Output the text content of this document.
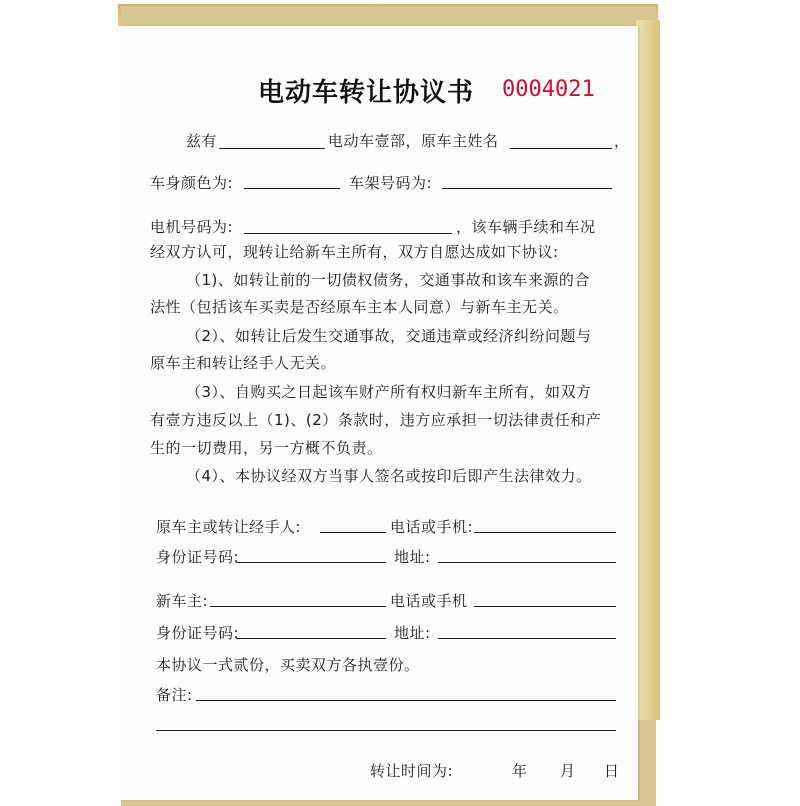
电动车转让协议书 0004021
兹有	电动车壹部，原车主姓名	，
车身颜色为:	车架号码为:
电机号码为:	，该车辆手续和车况
经双方认可，现转让给新车主所有，双方自愿达成如下协议:
（1)、如转让前的一切债权债务，交通事故和该车来源的合
法性（包括该车买卖是否经原车主本人同意）与新车主无关。
（2）、如转让后发生交通事故，交通违章或经济纠纷问题与
原车主和转让经手人无关。
（3）、自购买之日起该车财产所有权归新车主所有，如双方
有壹方违反以上（1)、(2）条款时，违方应承担一切法律责任和产
生的一切费用，另一方概不负责。
（4）、本协议经双方当事人签名或按印后即产生法律效力。
原车主或转让经手人:	电话或手机:
身份证号码:	地址:
新车主:	电话或手机
身份证号码:	地址:
本协议一式贰份，买卖双方各执壹份。
备注:
转让时间为:	年 月 日
